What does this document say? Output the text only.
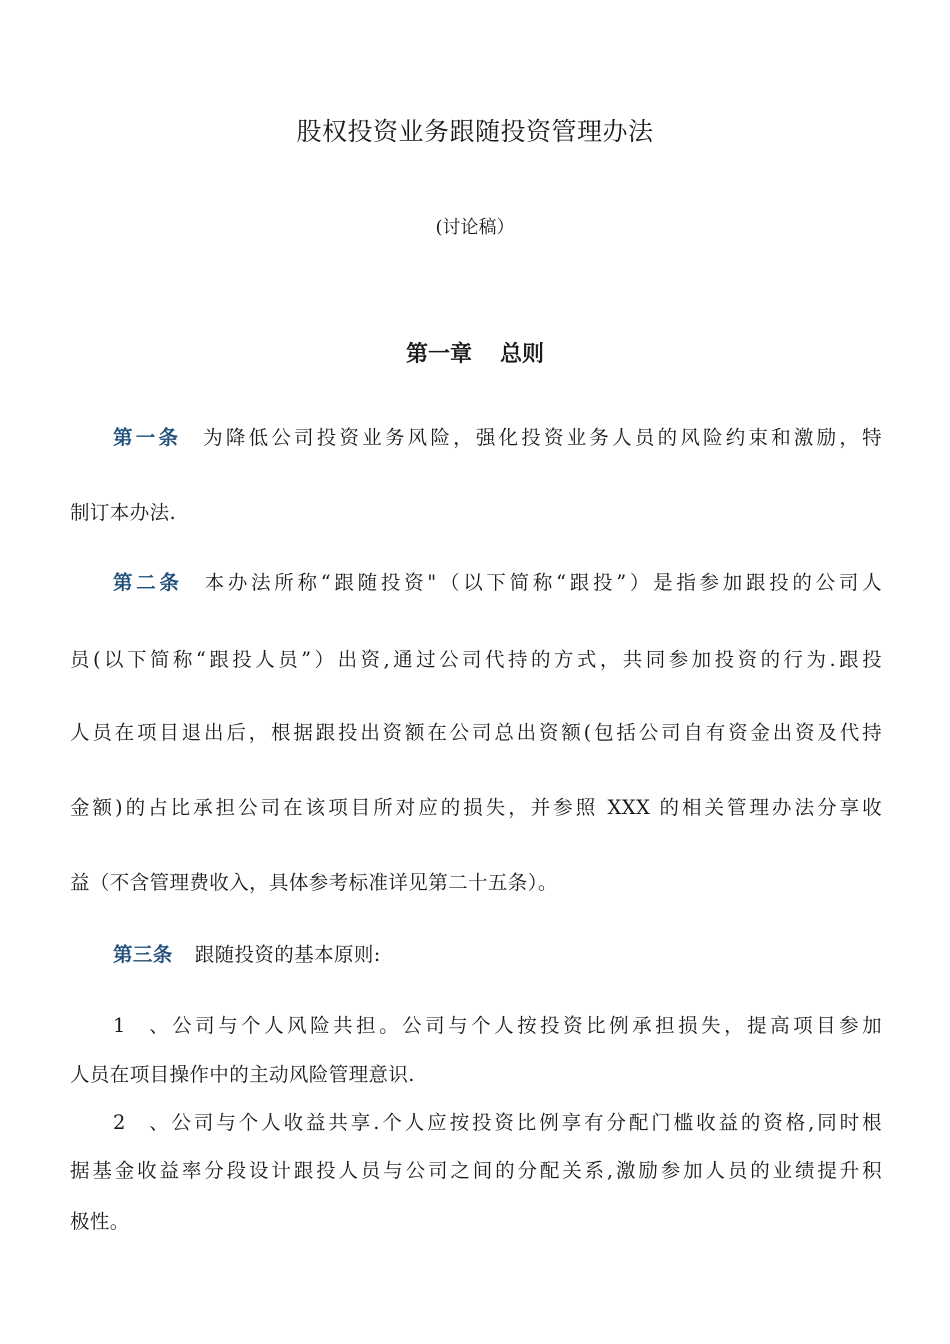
股权投资业务跟随投资管理办法

(讨论稿）

第一章 总则
第一条 为降低公司投资业务风险，强化投资业务人员的风险约束和激励，特
制订本办法.
第二条 本办法所称“跟随投资"（以下简称“跟投”）是指参加跟投的公司人
员(以下简称“跟投人员”）出资,通过公司代持的方式，共同参加投资的行为.跟投
人员在项目退出后，根据跟投出资额在公司总出资额(包括公司自有资金出资及代持
金额)的占比承担公司在该项目所对应的损失，并参照 XXX 的相关管理办法分享收
益（不含管理费收入，具体参考标准详见第二十五条）。
第三条 跟随投资的基本原则:
1、公司与个人风险共担。公司与个人按投资比例承担损失，提高项目参加
人员在项目操作中的主动风险管理意识.
2、公司与个人收益共享.个人应按投资比例享有分配门槛收益的资格,同时根
据基金收益率分段设计跟投人员与公司之间的分配关系,激励参加人员的业绩提升积
极性。
